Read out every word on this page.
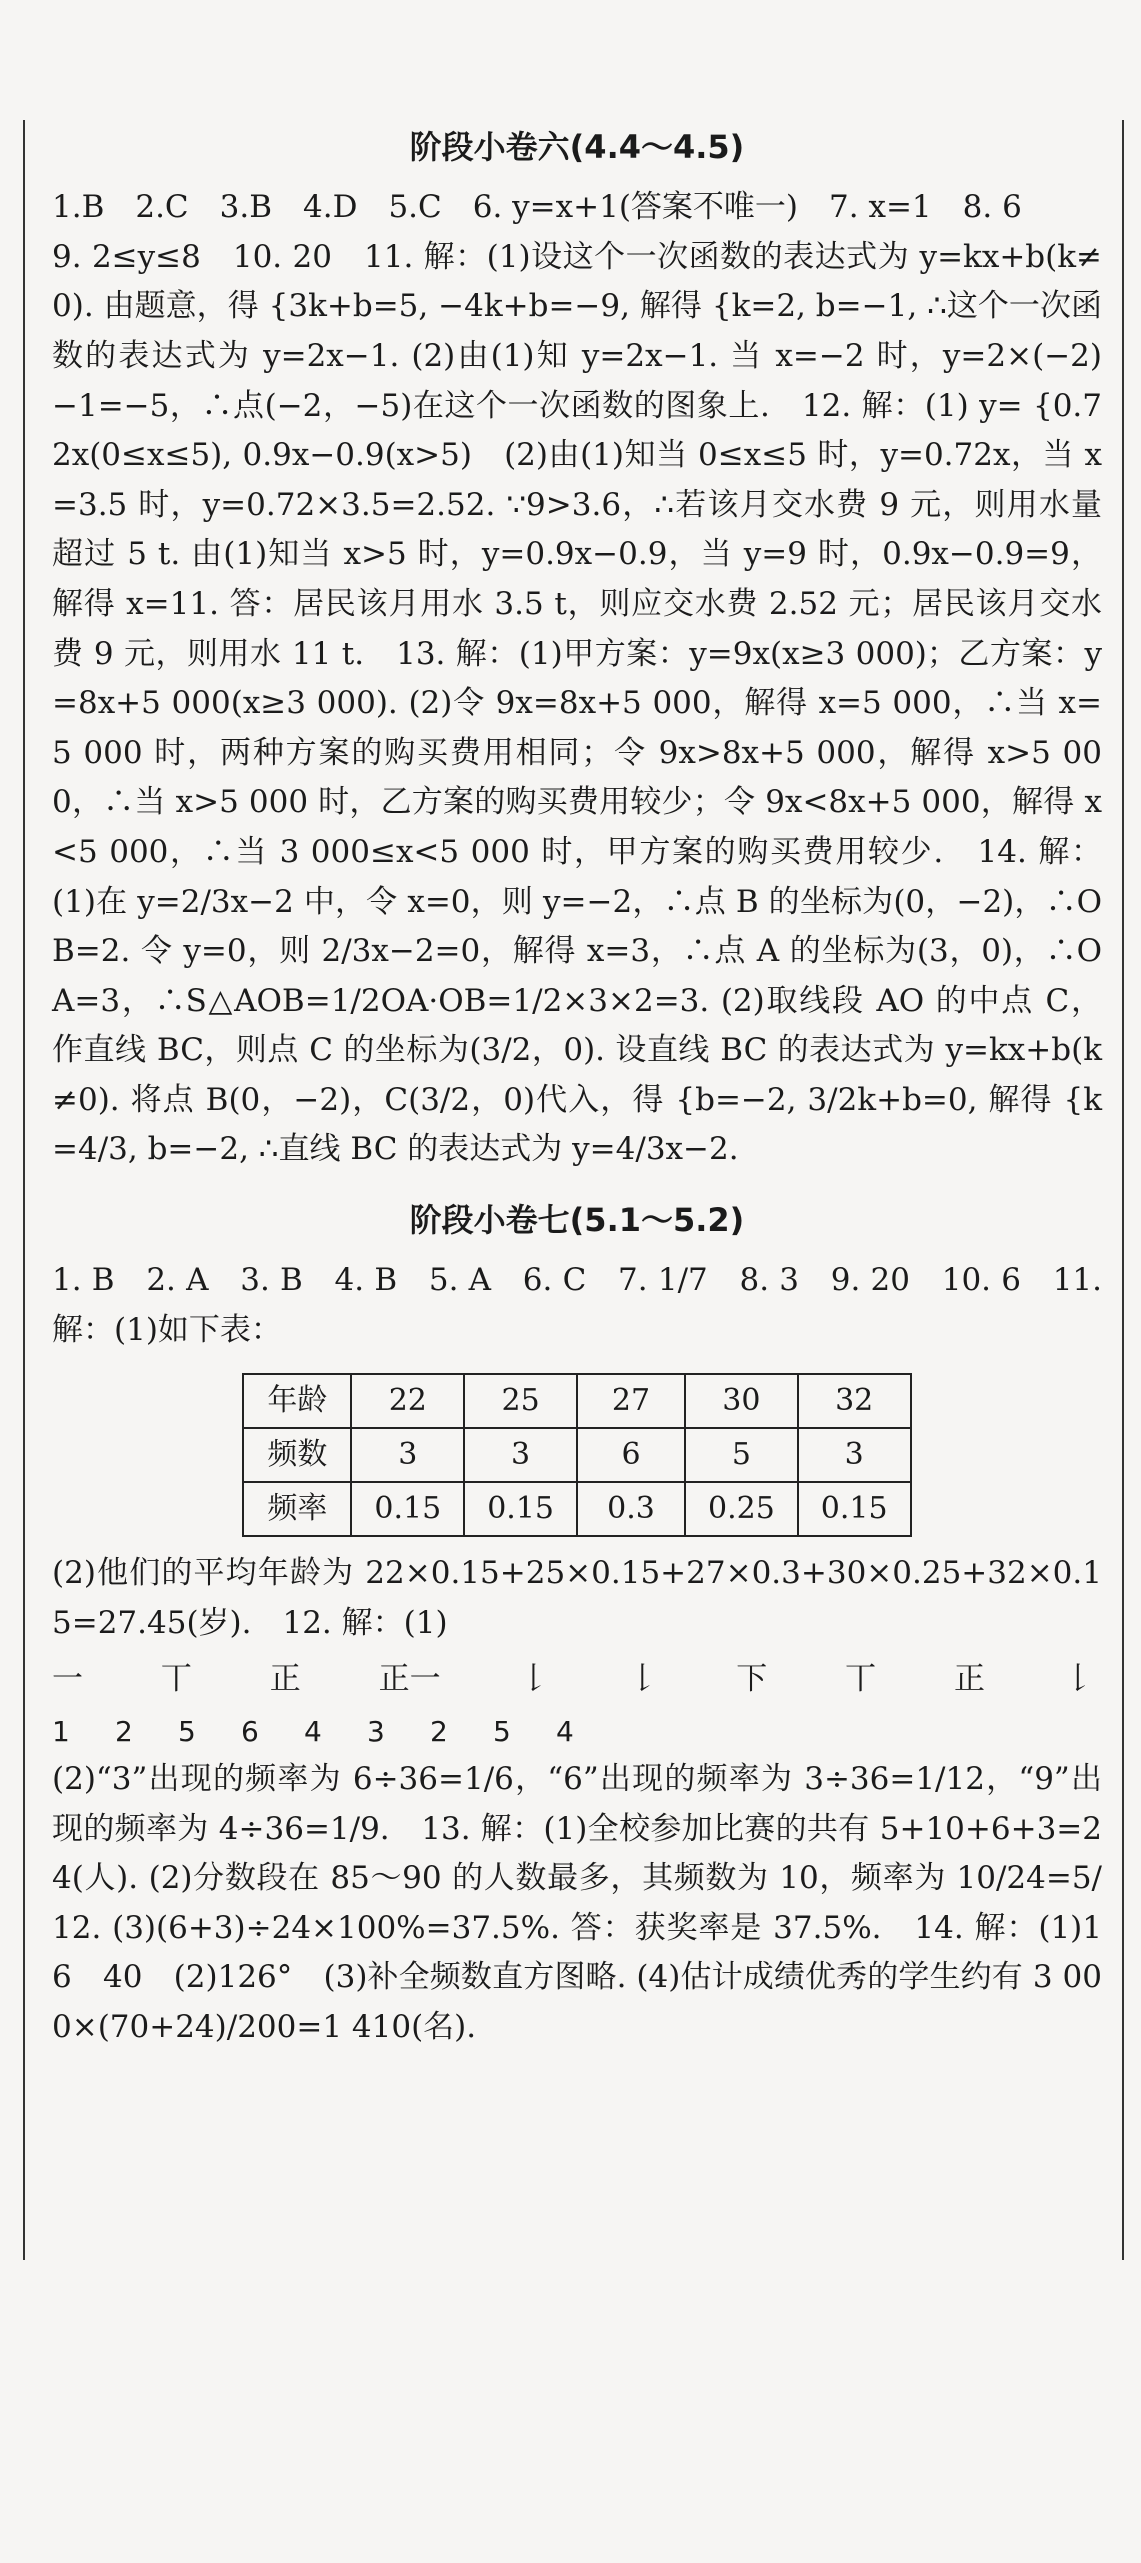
阶段小卷六(4.4～4.5)
1.B　2.C　3.B　4.D　5.C　6. y=x+1(答案不唯一)　7. x=1　8. 6
9. 2≤y≤8　10. 20　11. 解：(1)设这个一次函数的表达式为 y=kx+b(k≠0). 由题意，得 {3k+b=5, −4k+b=−9, 解得 {k=2, b=−1, ∴这个一次函数的表达式为 y=2x−1. (2)由(1)知 y=2x−1. 当 x=−2 时，y=2×(−2)−1=−5，∴点(−2，−5)在这个一次函数的图象上.　12. 解：(1) y= {0.72x(0≤x≤5), 0.9x−0.9(x>5)　(2)由(1)知当 0≤x≤5 时，y=0.72x，当 x=3.5 时，y=0.72×3.5=2.52. ∵9>3.6，∴若该月交水费 9 元，则用水量超过 5 t. 由(1)知当 x>5 时，y=0.9x−0.9，当 y=9 时，0.9x−0.9=9，解得 x=11. 答：居民该月用水 3.5 t，则应交水费 2.52 元；居民该月交水费 9 元，则用水 11 t.　13. 解：(1)甲方案：y=9x(x≥3 000)；乙方案：y=8x+5 000(x≥3 000). (2)令 9x=8x+5 000，解得 x=5 000，∴当 x=5 000 时，两种方案的购买费用相同；令 9x>8x+5 000，解得 x>5 000，∴当 x>5 000 时，乙方案的购买费用较少；令 9x<8x+5 000，解得 x<5 000，∴当 3 000≤x<5 000 时，甲方案的购买费用较少.　14. 解：(1)在 y=2/3x−2 中，令 x=0，则 y=−2，∴点 B 的坐标为(0，−2)，∴OB=2. 令 y=0，则 2/3x−2=0，解得 x=3，∴点 A 的坐标为(3，0)，∴OA=3，∴S△AOB=1/2OA·OB=1/2×3×2=3. (2)取线段 AO 的中点 C，作直线 BC，则点 C 的坐标为(3/2，0). 设直线 BC 的表达式为 y=kx+b(k≠0). 将点 B(0，−2)，C(3/2，0)代入，得 {b=−2, 3/2k+b=0, 解得 {k=4/3, b=−2, ∴直线 BC 的表达式为 y=4/3x−2.
阶段小卷七(5.1～5.2)
1. B　2. A　3. B　4. B　5. A　6. C　7. 1/7　8. 3　9. 20　10. 6　11. 解：(1)如下表：
年龄	22	25	27	30	32
频数	3	3	6	5	3
频率	0.15	0.15	0.3	0.25	0.15
(2)他们的平均年龄为 22×0.15+25×0.15+27×0.3+30×0.25+32×0.15=27.45(岁).　12. 解：(1)
一	丅	正	正一	𠄌	𠄌	下	丅	正	𠄌
1	2	5	6	4	3	2	5	4
(2)“3”出现的频率为 6÷36=1/6，“6”出现的频率为 3÷36=1/12，“9”出现的频率为 4÷36=1/9.　13. 解：(1)全校参加比赛的共有 5+10+6+3=24(人). (2)分数段在 85～90 的人数最多，其频数为 10，频率为 10/24=5/12. (3)(6+3)÷24×100%=37.5%. 答：获奖率是 37.5%.　14. 解：(1)16　40　(2)126°　(3)补全频数直方图略. (4)估计成绩优秀的学生约有 3 000×(70+24)/200=1 410(名).
